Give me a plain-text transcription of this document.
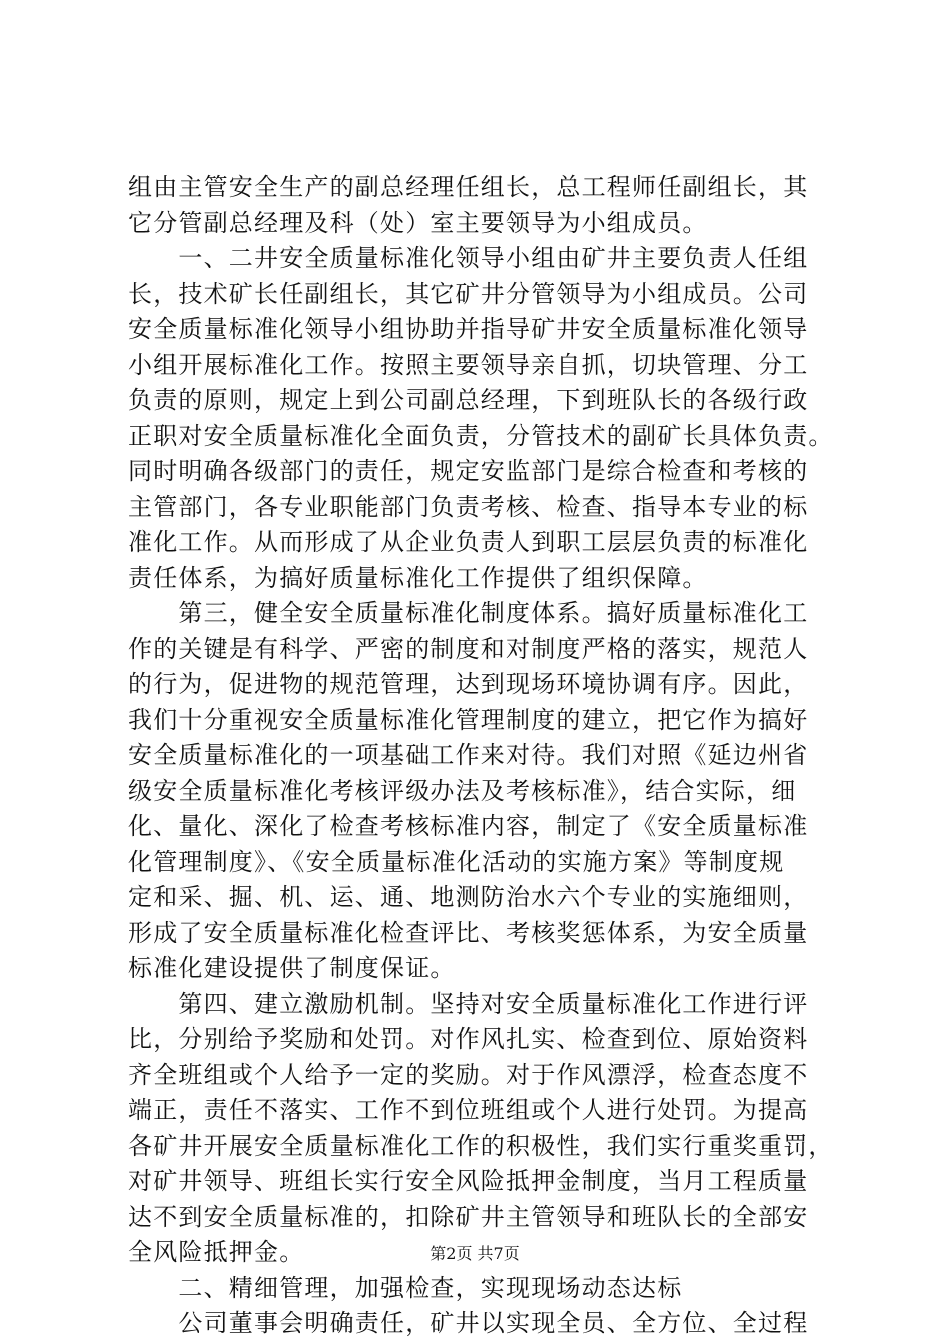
组由主管安全生产的副总经理任组长，总工程师任副组长，其
它分管副总经理及科（处）室主要领导为小组成员。
　　一、二井安全质量标准化领导小组由矿井主要负责人任组
长，技术矿长任副组长，其它矿井分管领导为小组成员。公司
安全质量标准化领导小组协助并指导矿井安全质量标准化领导
小组开展标准化工作。按照主要领导亲自抓，切块管理、分工
负责的原则，规定上到公司副总经理，下到班队长的各级行政
正职对安全质量标准化全面负责，分管技术的副矿长具体负责。
同时明确各级部门的责任，规定安监部门是综合检查和考核的
主管部门，各专业职能部门负责考核、检查、指导本专业的标
准化工作。从而形成了从企业负责人到职工层层负责的标准化
责任体系，为搞好质量标准化工作提供了组织保障。
　　第三，健全安全质量标准化制度体系。搞好质量标准化工
作的关键是有科学、严密的制度和对制度严格的落实，规范人
的行为，促进物的规范管理，达到现场环境协调有序。因此，
我们十分重视安全质量标准化管理制度的建立，把它作为搞好
安全质量标准化的一项基础工作来对待。我们对照《延边州省
级安全质量标准化考核评级办法及考核标准》，结合实际，细
化、量化、深化了检查考核标准内容，制定了《安全质量标准
化管理制度》、《安全质量标准化活动的实施方案》等制度规
定和采、掘、机、运、通、地测防治水六个专业的实施细则，
形成了安全质量标准化检查评比、考核奖惩体系，为安全质量
标准化建设提供了制度保证。
　　第四、建立激励机制。坚持对安全质量标准化工作进行评
比，分别给予奖励和处罚。对作风扎实、检查到位、原始资料
齐全班组或个人给予一定的奖励。对于作风漂浮，检查态度不
端正，责任不落实、工作不到位班组或个人进行处罚。为提高
各矿井开展安全质量标准化工作的积极性，我们实行重奖重罚，
对矿井领导、班组长实行安全风险抵押金制度，当月工程质量
达不到安全质量标准的，扣除矿井主管领导和班队长的全部安
全风险抵押金。
　　二、精细管理，加强检查，实现现场动态达标
　　公司董事会明确责任，矿井以实现全员、全方位、全过程
第2页 共7页
